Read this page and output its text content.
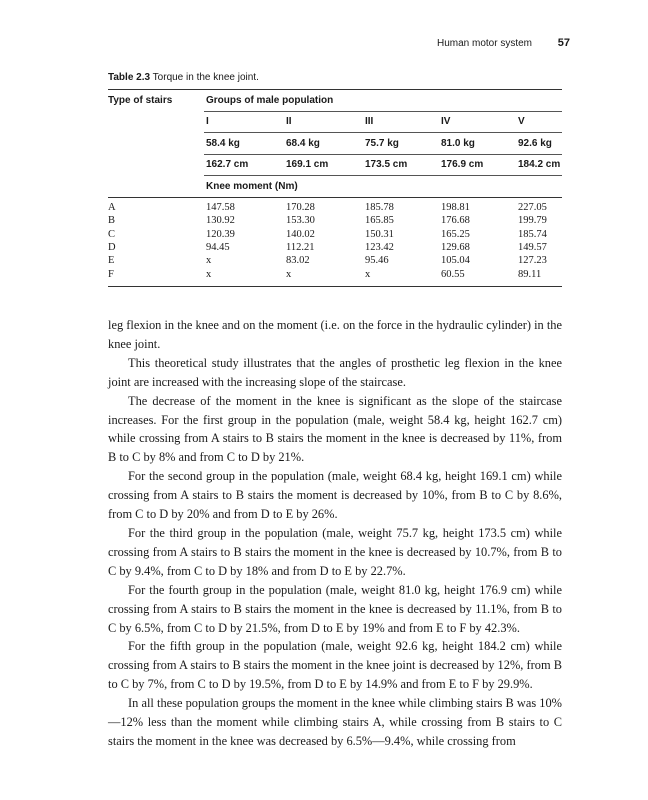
Human motor system 57
Table 2.3 Torque in the knee joint.
Type of stairs	Groups of male population
I	II	III	IV	V
58.4 kg	68.4 kg	75.7 kg	81.0 kg	92.6 kg
162.7 cm	169.1 cm	173.5 cm	176.9 cm	184.2 cm
Knee moment (Nm)
A	147.58	170.28	185.78	198.81	227.05
B	130.92	153.30	165.85	176.68	199.79
C	120.39	140.02	150.31	165.25	185.74
D	94.45	112.21	123.42	129.68	149.57
E	x	83.02	95.46	105.04	127.23
F	x	x	x	60.55	89.11

leg flexion in the knee and on the moment (i.e. on the force in the hydraulic cylinder) in the knee joint.

This theoretical study illustrates that the angles of prosthetic leg flexion in the knee joint are increased with the increasing slope of the staircase.

The decrease of the moment in the knee is significant as the slope of the staircase increases. For the first group in the population (male, weight 58.4 kg, height 162.7 cm) while crossing from A stairs to B stairs the moment in the knee is decreased by 11%, from B to C by 8% and from C to D by 21%.

For the second group in the population (male, weight 68.4 kg, height 169.1 cm) while crossing from A stairs to B stairs the moment is decreased by 10%, from B to C by 8.6%, from C to D by 20% and from D to E by 26%.

For the third group in the population (male, weight 75.7 kg, height 173.5 cm) while crossing from A stairs to B stairs the moment in the knee is decreased by 10.7%, from B to C by 9.4%, from C to D by 18% and from D to E by 22.7%.

For the fourth group in the population (male, weight 81.0 kg, height 176.9 cm) while crossing from A stairs to B stairs the moment in the knee is decreased by 11.1%, from B to C by 6.5%, from C to D by 21.5%, from D to E by 19% and from E to F by 42.3%.

For the fifth group in the population (male, weight 92.6 kg, height 184.2 cm) while crossing from A stairs to B stairs the moment in the knee joint is decreased by 12%, from B to C by 7%, from C to D by 19.5%, from D to E by 14.9% and from E to F by 29.9%.

In all these population groups the moment in the knee while climbing stairs B was 10%—12% less than the moment while climbing stairs A, while crossing from B stairs to C stairs the moment in the knee was decreased by 6.5%—9.4%, while crossing from
